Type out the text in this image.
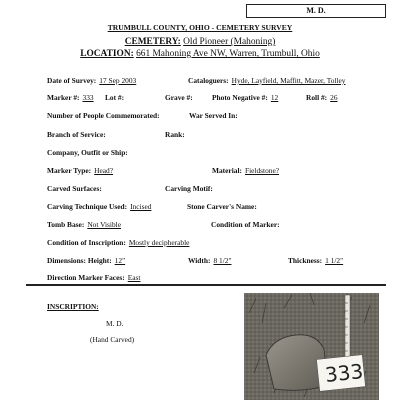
M. D.
TRUMBULL COUNTY, OHIO - CEMETERY SURVEY
CEMETERY: Old Pioneer (Mahoning)
LOCATION: 661 Mahoning Ave NW, Warren, Trumbull, Ohio
Date of Survey: 17 Sep 2003	Cataloguers: Hyde, Layfield, Maffitt, Mazer, Tolley
Marker #: 333 Lot #:	Grave #:	Photo Negative #: 12	Roll #: 26
Number of People Commemorated:	War Served In:
Branch of Service:	Rank:
Company, Outfit or Ship:
Marker Type: Head?	Material: Fieldstone?
Carved Surfaces:	Carving Motif:
Carving Technique Used: Incised	Stone Carver's Name:
Tomb Base: Not Visible	Condition of Marker:
Condition of Inscription: Mostly decipherable
Dimensions: Height: 12"	Width: 8 1/2"	Thickness: 1 1/2"
Direction Marker Faces: East
INSCRIPTION:
M. D.
(Hand Carved)
333
